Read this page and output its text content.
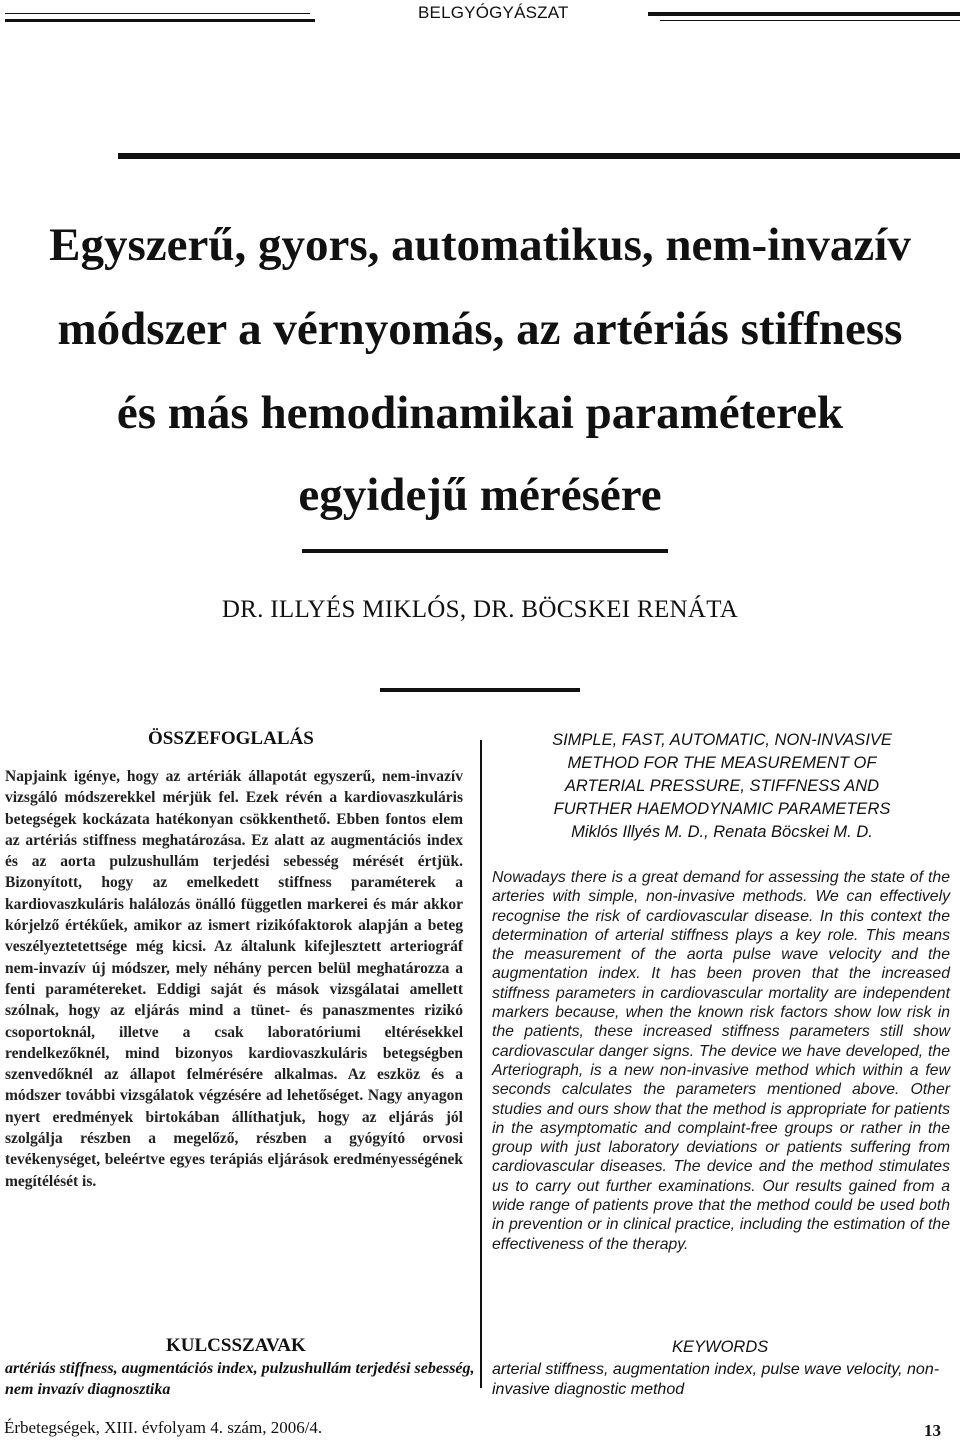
BELGYÓGYÁSZAT
Egyszerű, gyors, automatikus, nem-invazív
módszer a vérnyomás, az artériás stiffness
és más hemodinamikai paraméterek
egyidejű mérésére
DR. ILLYÉS MIKLÓS, DR. BÖCSKEI RENÁTA
ÖSSZEFOGLALÁS

Napjaink igénye, hogy az artériák állapotát egyszerű, nem-invazív vizsgáló módszerekkel mérjük fel. Ezek révén a kardiovaszkuláris betegségek kockázata hatékonyan csökkenthető. Ebben fontos elem az artériás stiffness meghatározása. Ez alatt az augmentációs index és az aorta pulzushullám terjedési sebesség mérését értjük. Bizonyított, hogy az emelkedett stiffness paraméterek a kardiovaszkuláris halálozás önálló független markerei és már akkor kórjelző értékűek, amikor az ismert rizikófaktorok alapján a beteg veszélyeztetettsége még kicsi. Az általunk kifejlesztett arteriográf nem-invazív új módszer, mely néhány percen belül meghatározza a fenti paramétereket. Eddigi saját és mások vizsgálatai amellett szólnak, hogy az eljárás mind a tünet- és panaszmentes rizikó csoportoknál, illetve a csak laboratóriumi eltérésekkel rendelkezőknél, mind bizonyos kardiovaszkuláris betegségben szenvedőknél az állapot felmérésére alkalmas. Az eszköz és a módszer további vizsgálatok végzésére ad lehetőséget. Nagy anyagon nyert eredmények birtokában állíthatjuk, hogy az eljárás jól szolgálja részben a megelőző, részben a gyógyító orvosi tevékenységet, beleértve egyes terápiás eljárások eredményességének megítélését is.

SIMPLE, FAST, AUTOMATIC, NON-INVASIVE
METHOD FOR THE MEASUREMENT OF
ARTERIAL PRESSURE, STIFFNESS AND
FURTHER HAEMODYNAMIC PARAMETERS
Miklós Illyés M. D., Renata Böcskei M. D.

Nowadays there is a great demand for assessing the state of the arteries with simple, non-invasive methods. We can effectively recognise the risk of cardiovascular disease. In this context the determination of arterial stiffness plays a key role. This means the measurement of the aorta pulse wave velocity and the augmentation index. It has been proven that the increased stiffness parameters in cardiovascular mortality are independent markers because, when the known risk factors show low risk in the patients, these increased stiffness parameters still show cardiovascular danger signs. The device we have developed, the Arteriograph, is a new non-invasive method which within a few seconds calculates the parameters mentioned above. Other studies and ours show that the method is appropriate for patients in the asymptomatic and complaint-free groups or rather in the group with just laboratory deviations or patients suffering from cardiovascular diseases. The device and the method stimulates us to carry out further examinations. Our results gained from a wide range of patients prove that the method could be used both in prevention or in clinical practice, including the estimation of the effectiveness of the therapy.

KULCSSZAVAK

artériás stiffness, augmentációs index, pulzushullám terjedési sebesség, nem invazív diagnosztika

KEYWORDS

arterial stiffness, augmentation index, pulse wave velocity, non-invasive diagnostic method

Érbetegségek, XIII. évfolyam 4. szám, 2006/4.	13
